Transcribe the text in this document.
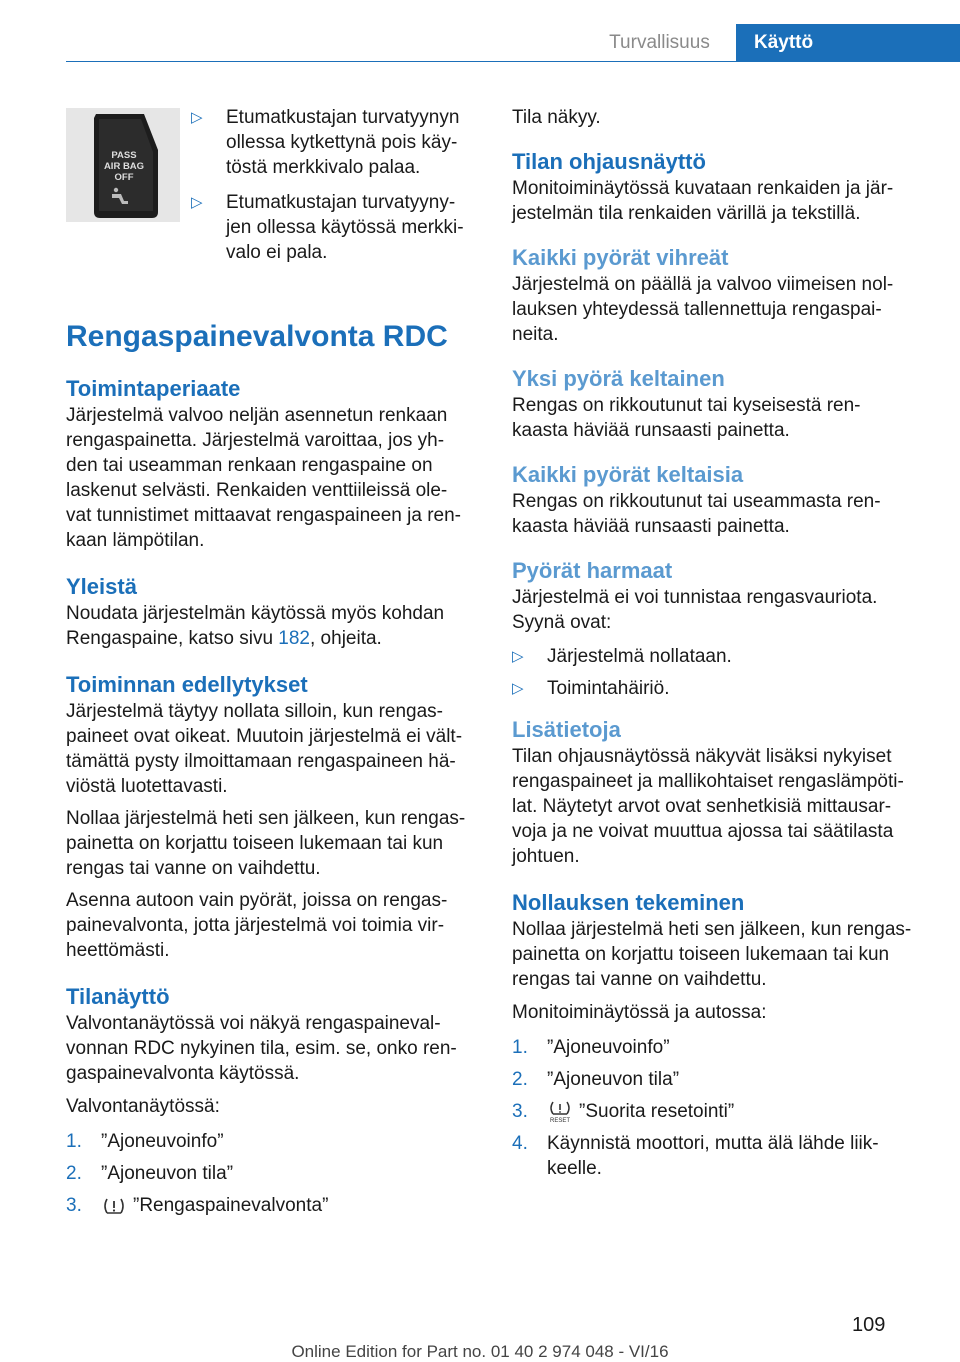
Turvallisuus	Käyttö
PASS
AIR BAG
OFF
▷ Etumatkustajan turvatyynyn

ollessa kytkettynä pois käy-

töstä merkkivalo palaa.

▷ Etumatkustajan turvatyyny-

jen ollessa käytössä merkki-

valo ei pala.

Rengaspainevalvonta RDC
Toimintaperiaate

Järjestelmä valvoo neljän asennetun renkaan

rengaspainetta. Järjestelmä varoittaa, jos yh-

den tai useamman renkaan rengaspaine on

laskenut selvästi. Renkaiden venttiileissä ole-

vat tunnistimet mittaavat rengaspaineen ja ren-

kaan lämpötilan.

Yleistä

Noudata järjestelmän käytössä myös kohdan

Rengaspaine, katso sivu 182, ohjeita.

Toiminnan edellytykset

Järjestelmä täytyy nollata silloin, kun rengas-

paineet ovat oikeat. Muutoin järjestelmä ei vält-

tämättä pysty ilmoittamaan rengaspaineen hä-

viöstä luotettavasti.

Nollaa järjestelmä heti sen jälkeen, kun rengas-

painetta on korjattu toiseen lukemaan tai kun

rengas tai vanne on vaihdettu.

Asenna autoon vain pyörät, joissa on rengas-

painevalvonta, jotta järjestelmä voi toimia vir-

heettömästi.

Tilanäyttö

Valvontanäytössä voi näkyä rengaspaineval-

vonnan RDC nykyinen tila, esim. se, onko ren-

gaspainevalvonta käytössä.

Valvontanäytössä:

1. ”Ajoneuvoinfo”
2. ”Ajoneuvon tila”
3.	”Rengaspainevalvonta”

Tila näkyy.

Tilan ohjausnäyttö

Monitoiminäytössä kuvataan renkaiden ja jär-

jestelmän tila renkaiden värillä ja tekstillä.

Kaikki pyörät vihreät

Järjestelmä on päällä ja valvoo viimeisen nol-

lauksen yhteydessä tallennettuja rengaspai-

neita.

Yksi pyörä keltainen

Rengas on rikkoutunut tai kyseisestä ren-

kaasta häviää runsaasti painetta.

Kaikki pyörät keltaisia

Rengas on rikkoutunut tai useammasta ren-

kaasta häviää runsaasti painetta.

Pyörät harmaat

Järjestelmä ei voi tunnistaa rengasvauriota.

Syynä ovat:

▷ Järjestelmä nollataan.
▷ Toimintahäiriö.
Lisätietoja

Tilan ohjausnäytössä näkyvät lisäksi nykyiset

rengaspaineet ja mallikohtaiset rengaslämpöti-

lat. Näytetyt arvot ovat senhetkisiä mittausar-

voja ja ne voivat muuttua ajossa tai säätilasta

johtuen.

Nollauksen tekeminen

Nollaa järjestelmä heti sen jälkeen, kun rengas-

painetta on korjattu toiseen lukemaan tai kun

rengas tai vanne on vaihdettu.

Monitoiminäytössä ja autossa:

1. ”Ajoneuvoinfo”
2. ”Ajoneuvon tila”
3.	RESET ”Suorita resetointi”
4. Käynnistä moottori, mutta älä lähde liik-

keelle.

109
Online Edition for Part no. 01 40 2 974 048 - VI/16
